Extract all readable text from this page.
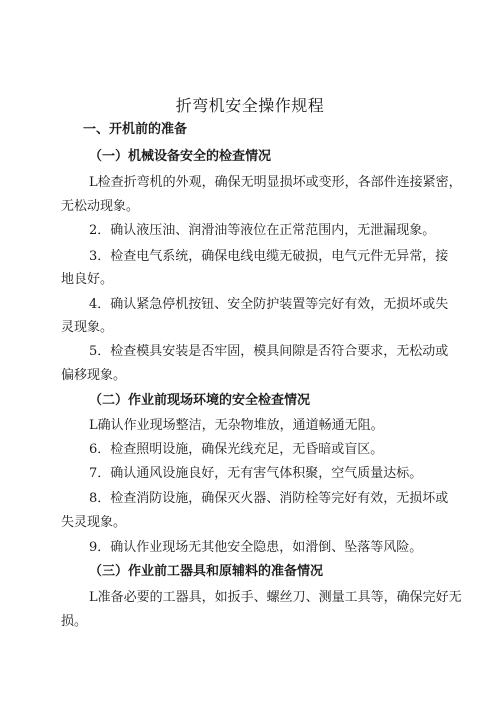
折弯机安全操作规程

一、开机前的准备

（一）机械设备安全的检查情况

L检查折弯机的外观，确保无明显损坏或变形，各部件连接紧密，

无松动现象。

2．确认液压油、润滑油等液位在正常范围内，无泄漏现象。

3．检查电气系统，确保电线电缆无破损，电气元件无异常，接

地良好。

4．确认紧急停机按钮、安全防护装置等完好有效，无损坏或失

灵现象。

5．检查模具安装是否牢固，模具间隙是否符合要求，无松动或

偏移现象。

（二）作业前现场环境的安全检查情况

L确认作业现场整洁，无杂物堆放，通道畅通无阻。

6．检查照明设施，确保光线充足，无昏暗或盲区。

7．确认通风设施良好，无有害气体积聚，空气质量达标。

8．检查消防设施，确保灭火器、消防栓等完好有效，无损坏或

失灵现象。

9．确认作业现场无其他安全隐患，如滑倒、坠落等风险。

（三）作业前工器具和原辅料的准备情况

L准备必要的工器具，如扳手、螺丝刀、测量工具等，确保完好无

损。
